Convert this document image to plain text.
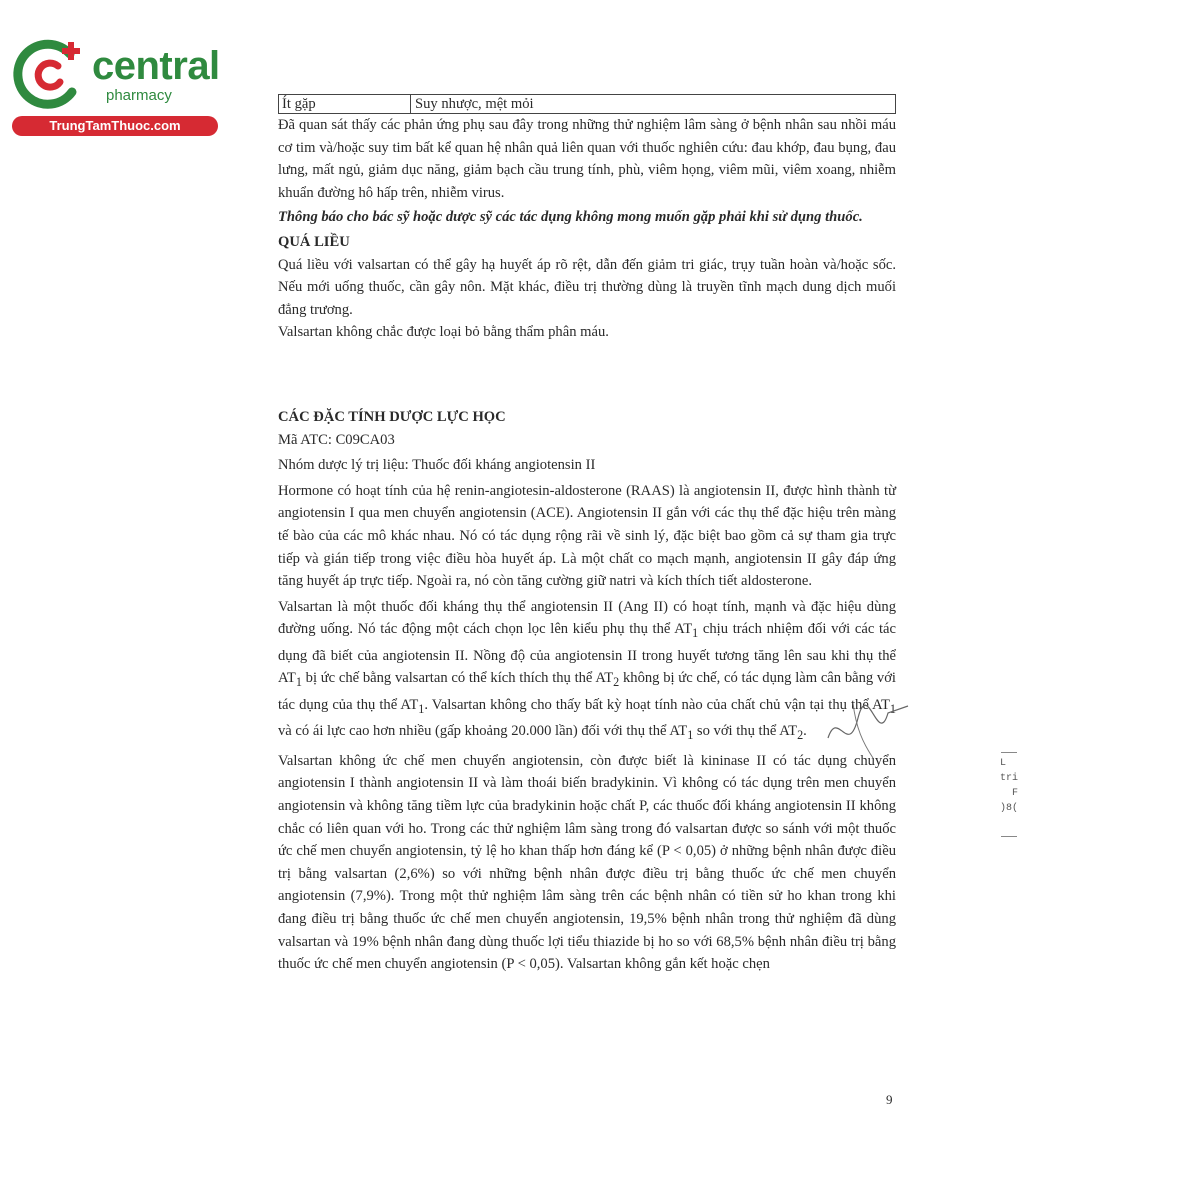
central
pharmacy
TrungTamThuoc.com
Ít gặp	Suy nhược, mệt mỏi

Đã quan sát thấy các phản ứng phụ sau đây trong những thử nghiệm lâm sàng ở bệnh nhân sau nhồi máu cơ tim và/hoặc suy tim bất kể quan hệ nhân quả liên quan với thuốc nghiên cứu: đau khớp, đau bụng, đau lưng, mất ngủ, giảm dục năng, giảm bạch cầu trung tính, phù, viêm họng, viêm mũi, viêm xoang, nhiễm khuẩn đường hô hấp trên, nhiễm virus.

Thông báo cho bác sỹ hoặc dược sỹ các tác dụng không mong muốn gặp phải khi sử dụng thuốc.

QUÁ LIỀU

Quá liều với valsartan có thể gây hạ huyết áp rõ rệt, dẫn đến giảm tri giác, trụy tuần hoàn và/hoặc sốc. Nếu mới uống thuốc, cần gây nôn. Mặt khác, điều trị thường dùng là truyền tĩnh mạch dung dịch muối đẳng trương.

Valsartan không chắc được loại bỏ bằng thẩm phân máu.

CÁC ĐẶC TÍNH DƯỢC LỰC HỌC

Mã ATC: C09CA03

Nhóm dược lý trị liệu: Thuốc đối kháng angiotensin II

Hormone có hoạt tính của hệ renin-angiotesin-aldosterone (RAAS) là angiotensin II, được hình thành từ angiotensin I qua men chuyển angiotensin (ACE). Angiotensin II gắn với các thụ thể đặc hiệu trên màng tế bào của các mô khác nhau. Nó có tác dụng rộng rãi về sinh lý, đặc biệt bao gồm cả sự tham gia trực tiếp và gián tiếp trong việc điều hòa huyết áp. Là một chất co mạch mạnh, angiotensin II gây đáp ứng tăng huyết áp trực tiếp. Ngoài ra, nó còn tăng cường giữ natri và kích thích tiết aldosterone.

Valsartan là một thuốc đối kháng thụ thể angiotensin II (Ang II) có hoạt tính, mạnh và đặc hiệu dùng đường uống. Nó tác động một cách chọn lọc lên kiểu phụ thụ thể $AT_1$ chịu trách nhiệm đối với các tác dụng đã biết của angiotensin II. Nồng độ của angiotensin II trong huyết tương tăng lên sau khi thụ thể $AT_1$ bị ức chế bằng valsartan có thể kích thích thụ thể $AT_2$ không bị ức chế, có tác dụng làm cân bằng với tác dụng của thụ thể $AT_1$. Valsartan không cho thấy bất kỳ hoạt tính nào của chất chủ vận tại thụ thể $AT_1$ và có ái lực cao hơn nhiều (gấp khoảng 20.000 lần) đối với thụ thể $AT_1$ so với thụ thể $AT_2$.

Valsartan không ức chế men chuyển angiotensin, còn được biết là kininase II có tác dụng chuyển angiotensin I thành angiotensin II và làm thoái biến bradykinin. Vì không có tác dụng trên men chuyển angiotensin và không tăng tiềm lực của bradykinin hoặc chất P, các thuốc đối kháng angiotensin II không chắc có liên quan với ho. Trong các thử nghiệm lâm sàng trong đó valsartan được so sánh với một thuốc ức chế men chuyển angiotensin, tỷ lệ ho khan thấp hơn đáng kể (P < 0,05) ở những bệnh nhân được điều trị bằng valsartan (2,6%) so với những bệnh nhân được điều trị bằng thuốc ức chế men chuyển angiotensin (7,9%). Trong một thử nghiệm lâm sàng trên các bệnh nhân có tiền sử ho khan trong khi đang điều trị bằng thuốc ức chế men chuyển angiotensin, 19,5% bệnh nhân trong thử nghiệm đã dùng valsartan và 19% bệnh nhân đang dùng thuốc lợi tiểu thiazide bị ho so với 68,5% bệnh nhân điều trị bằng thuốc ức chế men chuyển angiotensin (P < 0,05). Valsartan không gắn kết hoặc chẹn

L
tri
F
)8(
9
